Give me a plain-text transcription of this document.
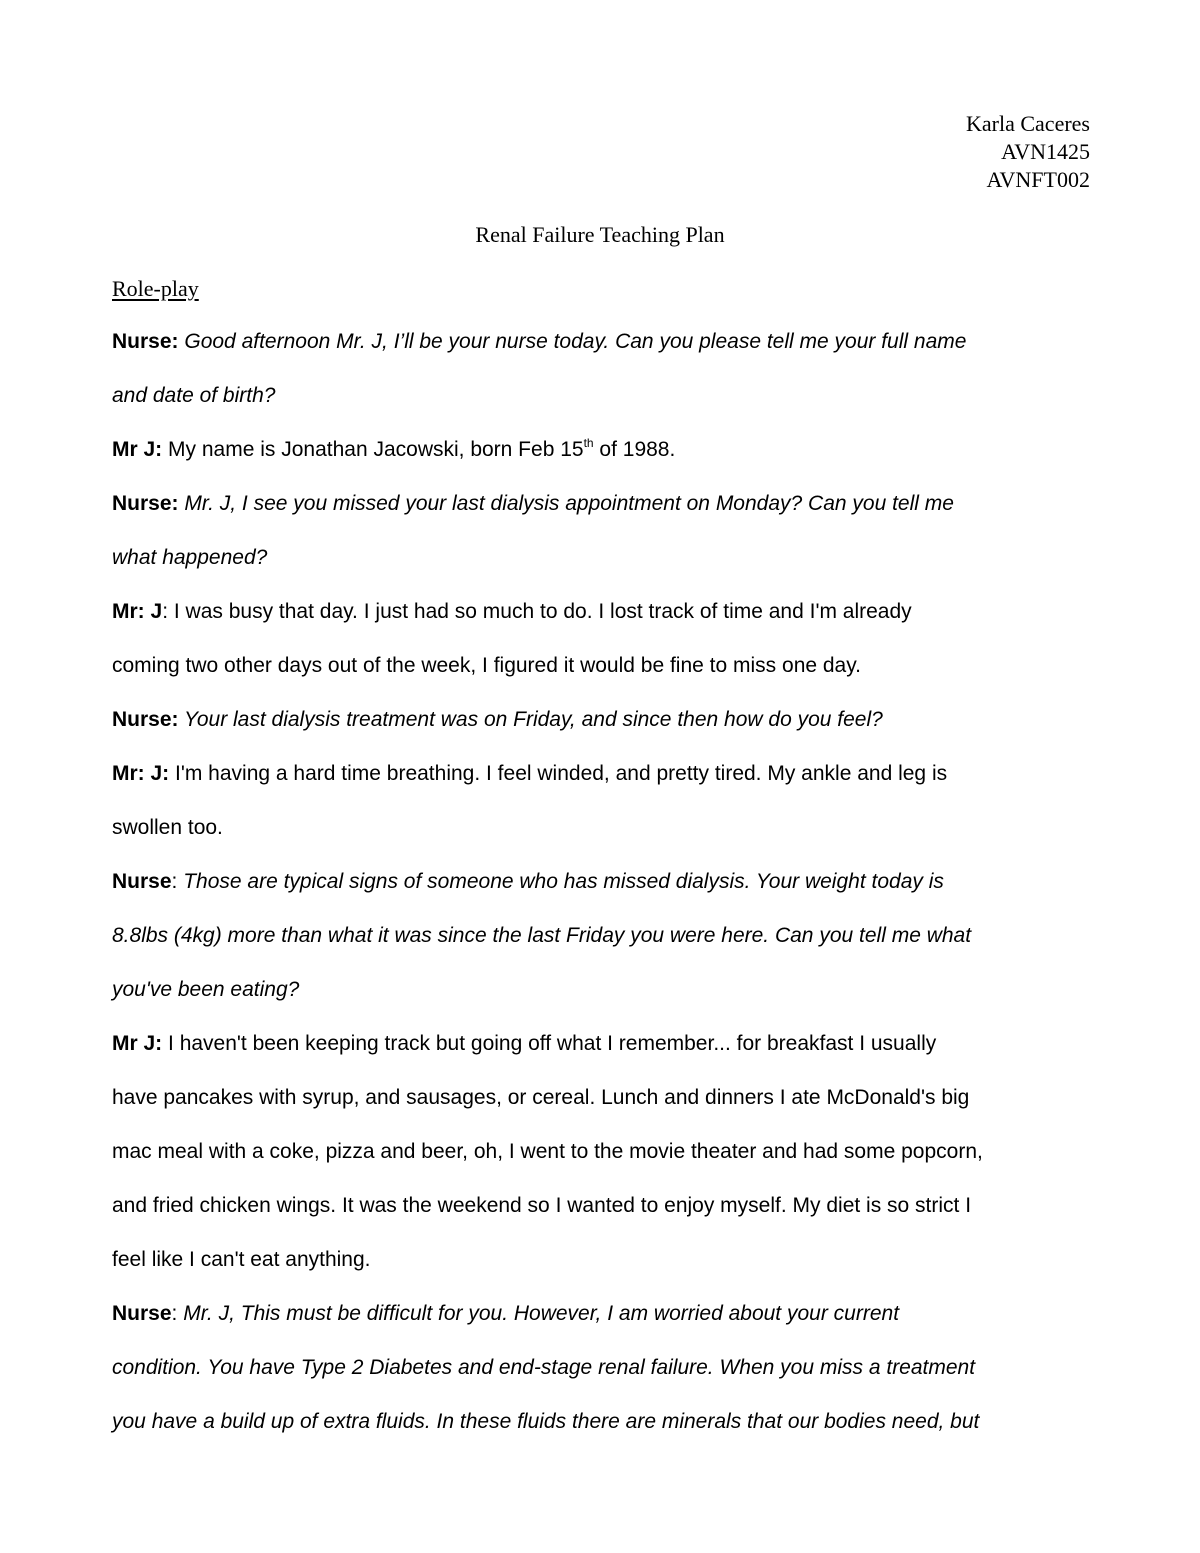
Karla Caceres
AVN1425
AVNFT002
Renal Failure Teaching Plan
Role-play

Nurse: Good afternoon Mr. J, I’ll be your nurse today. Can you please tell me your full name

and date of birth?

Mr J: My name is Jonathan Jacowski, born Feb 15th of 1988.

Nurse: Mr. J, I see you missed your last dialysis appointment on Monday? Can you tell me

what happened?

Mr: J: I was busy that day. I just had so much to do. I lost track of time and I'm already

coming two other days out of the week, I figured it would be fine to miss one day.

Nurse: Your last dialysis treatment was on Friday, and since then how do you feel?

Mr: J: I'm having a hard time breathing. I feel winded, and pretty tired. My ankle and leg is

swollen too.

Nurse: Those are typical signs of someone who has missed dialysis. Your weight today is

8.8lbs (4kg) more than what it was since the last Friday you were here. Can you tell me what

you've been eating?

Mr J: I haven't been keeping track but going off what I remember... for breakfast I usually

have pancakes with syrup, and sausages, or cereal. Lunch and dinners I ate McDonald's big

mac meal with a coke, pizza and beer, oh, I went to the movie theater and had some popcorn,

and fried chicken wings. It was the weekend so I wanted to enjoy myself. My diet is so strict I

feel like I can't eat anything.

Nurse: Mr. J, This must be difficult for you. However, I am worried about your current

condition. You have Type 2 Diabetes and end-stage renal failure. When you miss a treatment

you have a build up of extra fluids. In these fluids there are minerals that our bodies need, but
